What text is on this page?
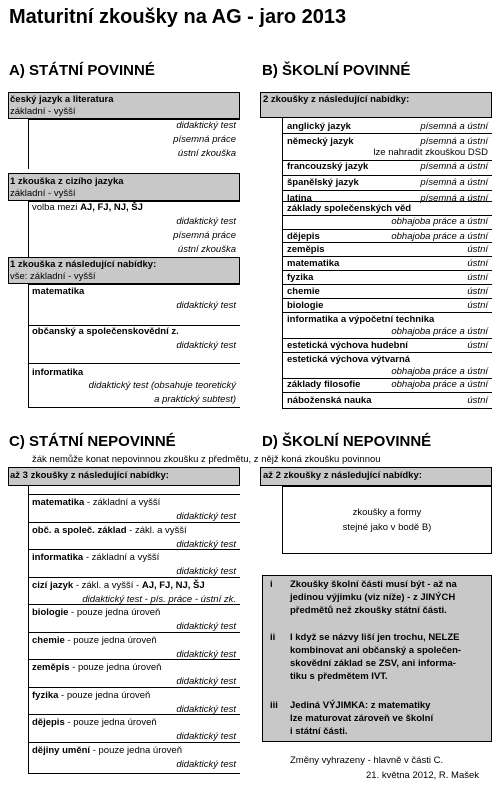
Maturitní zkoušky na AG - jaro 2013
A) STÁTNÍ POVINNÉ
český jazyk a literatura
základní - vyšší
didaktický test
písemná práce
ústní zkouška
1 zkouška z cizího jazyka
základní - vyšší
volba mezi AJ, FJ, NJ, ŠJ
didaktický test
písemná práce
ústní zkouška
1 zkouška z následující nabídky:
vše: základní - vyšší
matematika
didaktický test
občanský a společenskovědní z.
didaktický test
informatika
didaktický test (obsahuje teoretický
a praktický subtest)
B) ŠKOLNÍ POVINNÉ
2 zkoušky z následující nabídky:
C) STÁTNÍ NEPOVINNÉ
žák nemůže konat nepovinnou zkoušku z předmětu, z nějž koná zkoušku povinnou
až 3 zkoušky z následující nabídky:
D) ŠKOLNÍ NEPOVINNÉ
až 2 zkoušky z následující nabídky:
zkoušky a formy
stejné jako v bodě B)
Změny vyhrazeny - hlavně v části C.
21. května 2012, R. Mašek
anglický jazyk	písemná a ústní
německý jazyk	písemná a ústní
lze nahradit zkouškou DSD
francouzský jazyk	písemná a ústní
španělský jazyk	písemná a ústní
latina	písemná a ústní
základy společenských věd
obhajoba práce a ústní
dějepis	obhajoba práce a ústní
zeměpis	ústní
matematika	ústní
fyzika	ústní
chemie	ústní
biologie	ústní
informatika a výpočetní technika
obhajoba práce a ústní
estetická výchova hudební	ústní
estetická výchova výtvarná
obhajoba práce a ústní
základy filosofie	obhajoba práce a ústní
náboženská nauka	ústní
matematika - základní a vyšší
didaktický test
obč. a společ. základ - zákl. a vyšší
didaktický test
informatika - základní a vyšší
didaktický test
cizí jazyk - zákl. a vyšší - AJ, FJ, NJ, ŠJ
didaktický test - pís. práce - ústní zk.
biologie - pouze jedna úroveň
didaktický test
chemie - pouze jedna úroveň
didaktický test
zeměpis - pouze jedna úroveň
didaktický test
fyzika - pouze jedna úroveň
didaktický test
dějepis - pouze jedna úroveň
didaktický test
dějiny umění - pouze jedna úroveň
didaktický test
i Zkoušky školní části musí být - až na
jedinou výjimku (viz níže) - z JINÝCH
předmětů než zkoušky státní části.
ii I když se názvy liší jen trochu, NELZE
kombinovat ani občanský a společen-
skovědní základ se ZSV, ani informa-
tiku s předmětem IVT.
iii Jediná VÝJIMKA: z matematiky
lze maturovat zároveň ve školní
i státní části.
